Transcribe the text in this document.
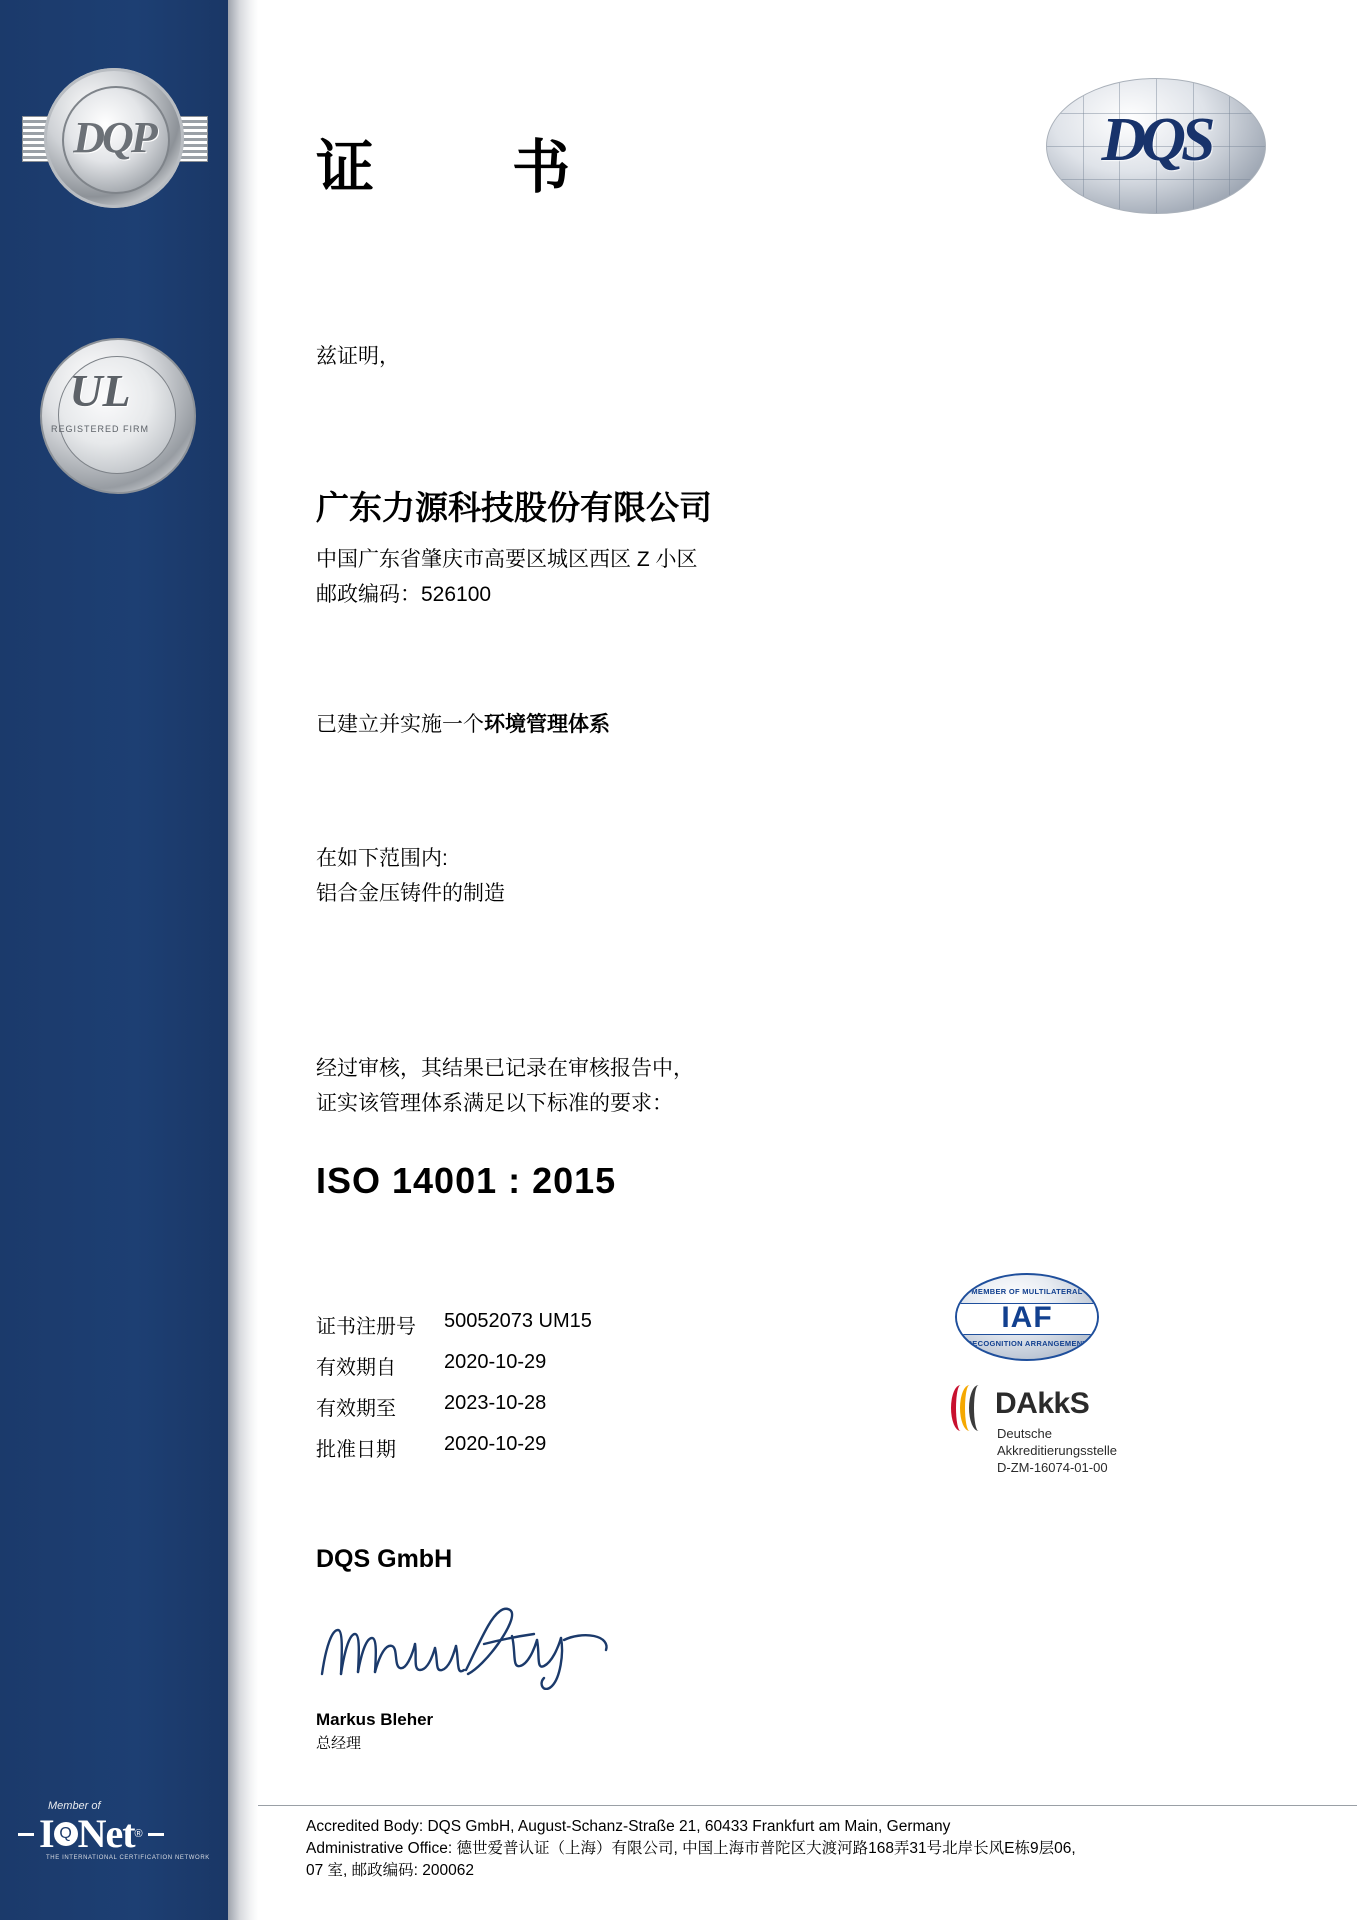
DQP
UL
REGISTERED FIRM
Member of
I Q Net ®
THE INTERNATIONAL CERTIFICATION NETWORK
DQS
证　书
兹证明，
广东力源科技股份有限公司
中国广东省肇庆市高要区城区西区 Z 小区
邮政编码：526100
已建立并实施一个环境管理体系
在如下范围内:
铝合金压铸件的制造
经过审核，其结果已记录在审核报告中，
证实该管理体系满足以下标准的要求：
ISO 14001 : 2015
证书注册号	50052073 UM15
有效期自	2020-10-29
有效期至	2023-10-28
批准日期	2020-10-29
MEMBER OF MULTILATERAL
IAF
RECOGNITION ARRANGEMENT
DAkkS
Deutsche
Akkreditierungsstelle
D-ZM-16074-01-00
DQS GmbH
Markus Bleher
总经理
Accredited Body: DQS GmbH, August-Schanz-Straße 21, 60433 Frankfurt am Main, Germany
Administrative Office: 德世爱普认证（上海）有限公司, 中国上海市普陀区大渡河路168弄31号北岸长风E栋9层06,
07 室, 邮政编码: 200062
